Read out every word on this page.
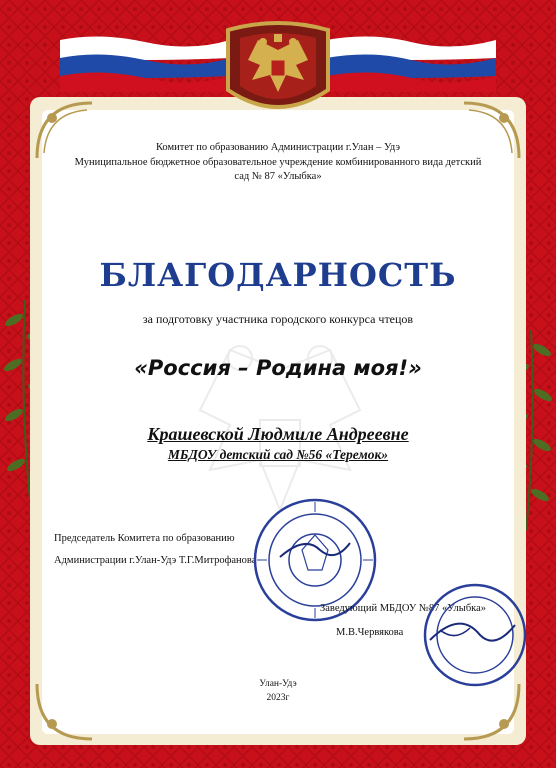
Комитет по образованию Администрации г.Улан – Удэ
Муниципальное бюджетное образовательное учреждение комбинированного вида детский
сад № 87 «Улыбка»
БЛАГОДАРНОСТЬ
за подготовку участника городского конкурса чтецов
«Россия – Родина моя!»
Крашевской Людмиле Андреевне
МБДОУ детский сад №56 «Теремок»
Председатель Комитета по образованию
Администрации г.Улан-Удэ Т.Г.Митрофанова
Заведующий МБДОУ №87 «Улыбка»
М.В.Червякова
Улан-Удэ
2023г
